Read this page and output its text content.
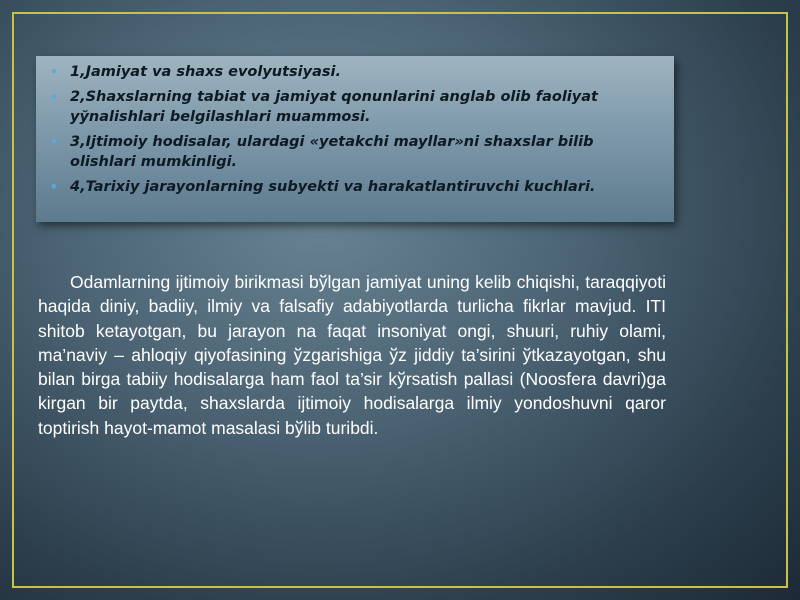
• 1,Jamiyat va shaxs evolyutsiyasi.
• 2,Shaxslarning tabiat va jamiyat qonunlarini anglab olib faoliyat yўnalishlari belgilashlari muammosi.
• 3,Ijtimoiy hodisalar, ulardagi «yetakchi mayllar»ni shaxslar bilib olishlari mumkinligi.
• 4,Tarixiy jarayonlarning subyekti va harakatlantiruvchi kuchlari.

Odamlarning ijtimoiy birikmasi bўlgan jamiyat uning kelib chiqishi, taraqqiyoti haqida diniy, badiiy, ilmiy va falsafiy adabiyotlarda turlicha fikrlar mavjud. ITI shitob ketayotgan, bu jarayon na faqat insoniyat ongi, shuuri, ruhiy olami, ma’naviy – ahloqiy qiyofasining ўzgarishiga ўz jiddiy ta’sirini ўtkazayotgan, shu bilan birga tabiiy hodisalarga ham faol ta’sir kўrsatish pallasi (Noosfera davri)ga kirgan bir paytda, shaxslarda ijtimoiy hodisalarga ilmiy yondoshuvni qaror toptirish hayot-mamot masalasi bўlib turibdi.
